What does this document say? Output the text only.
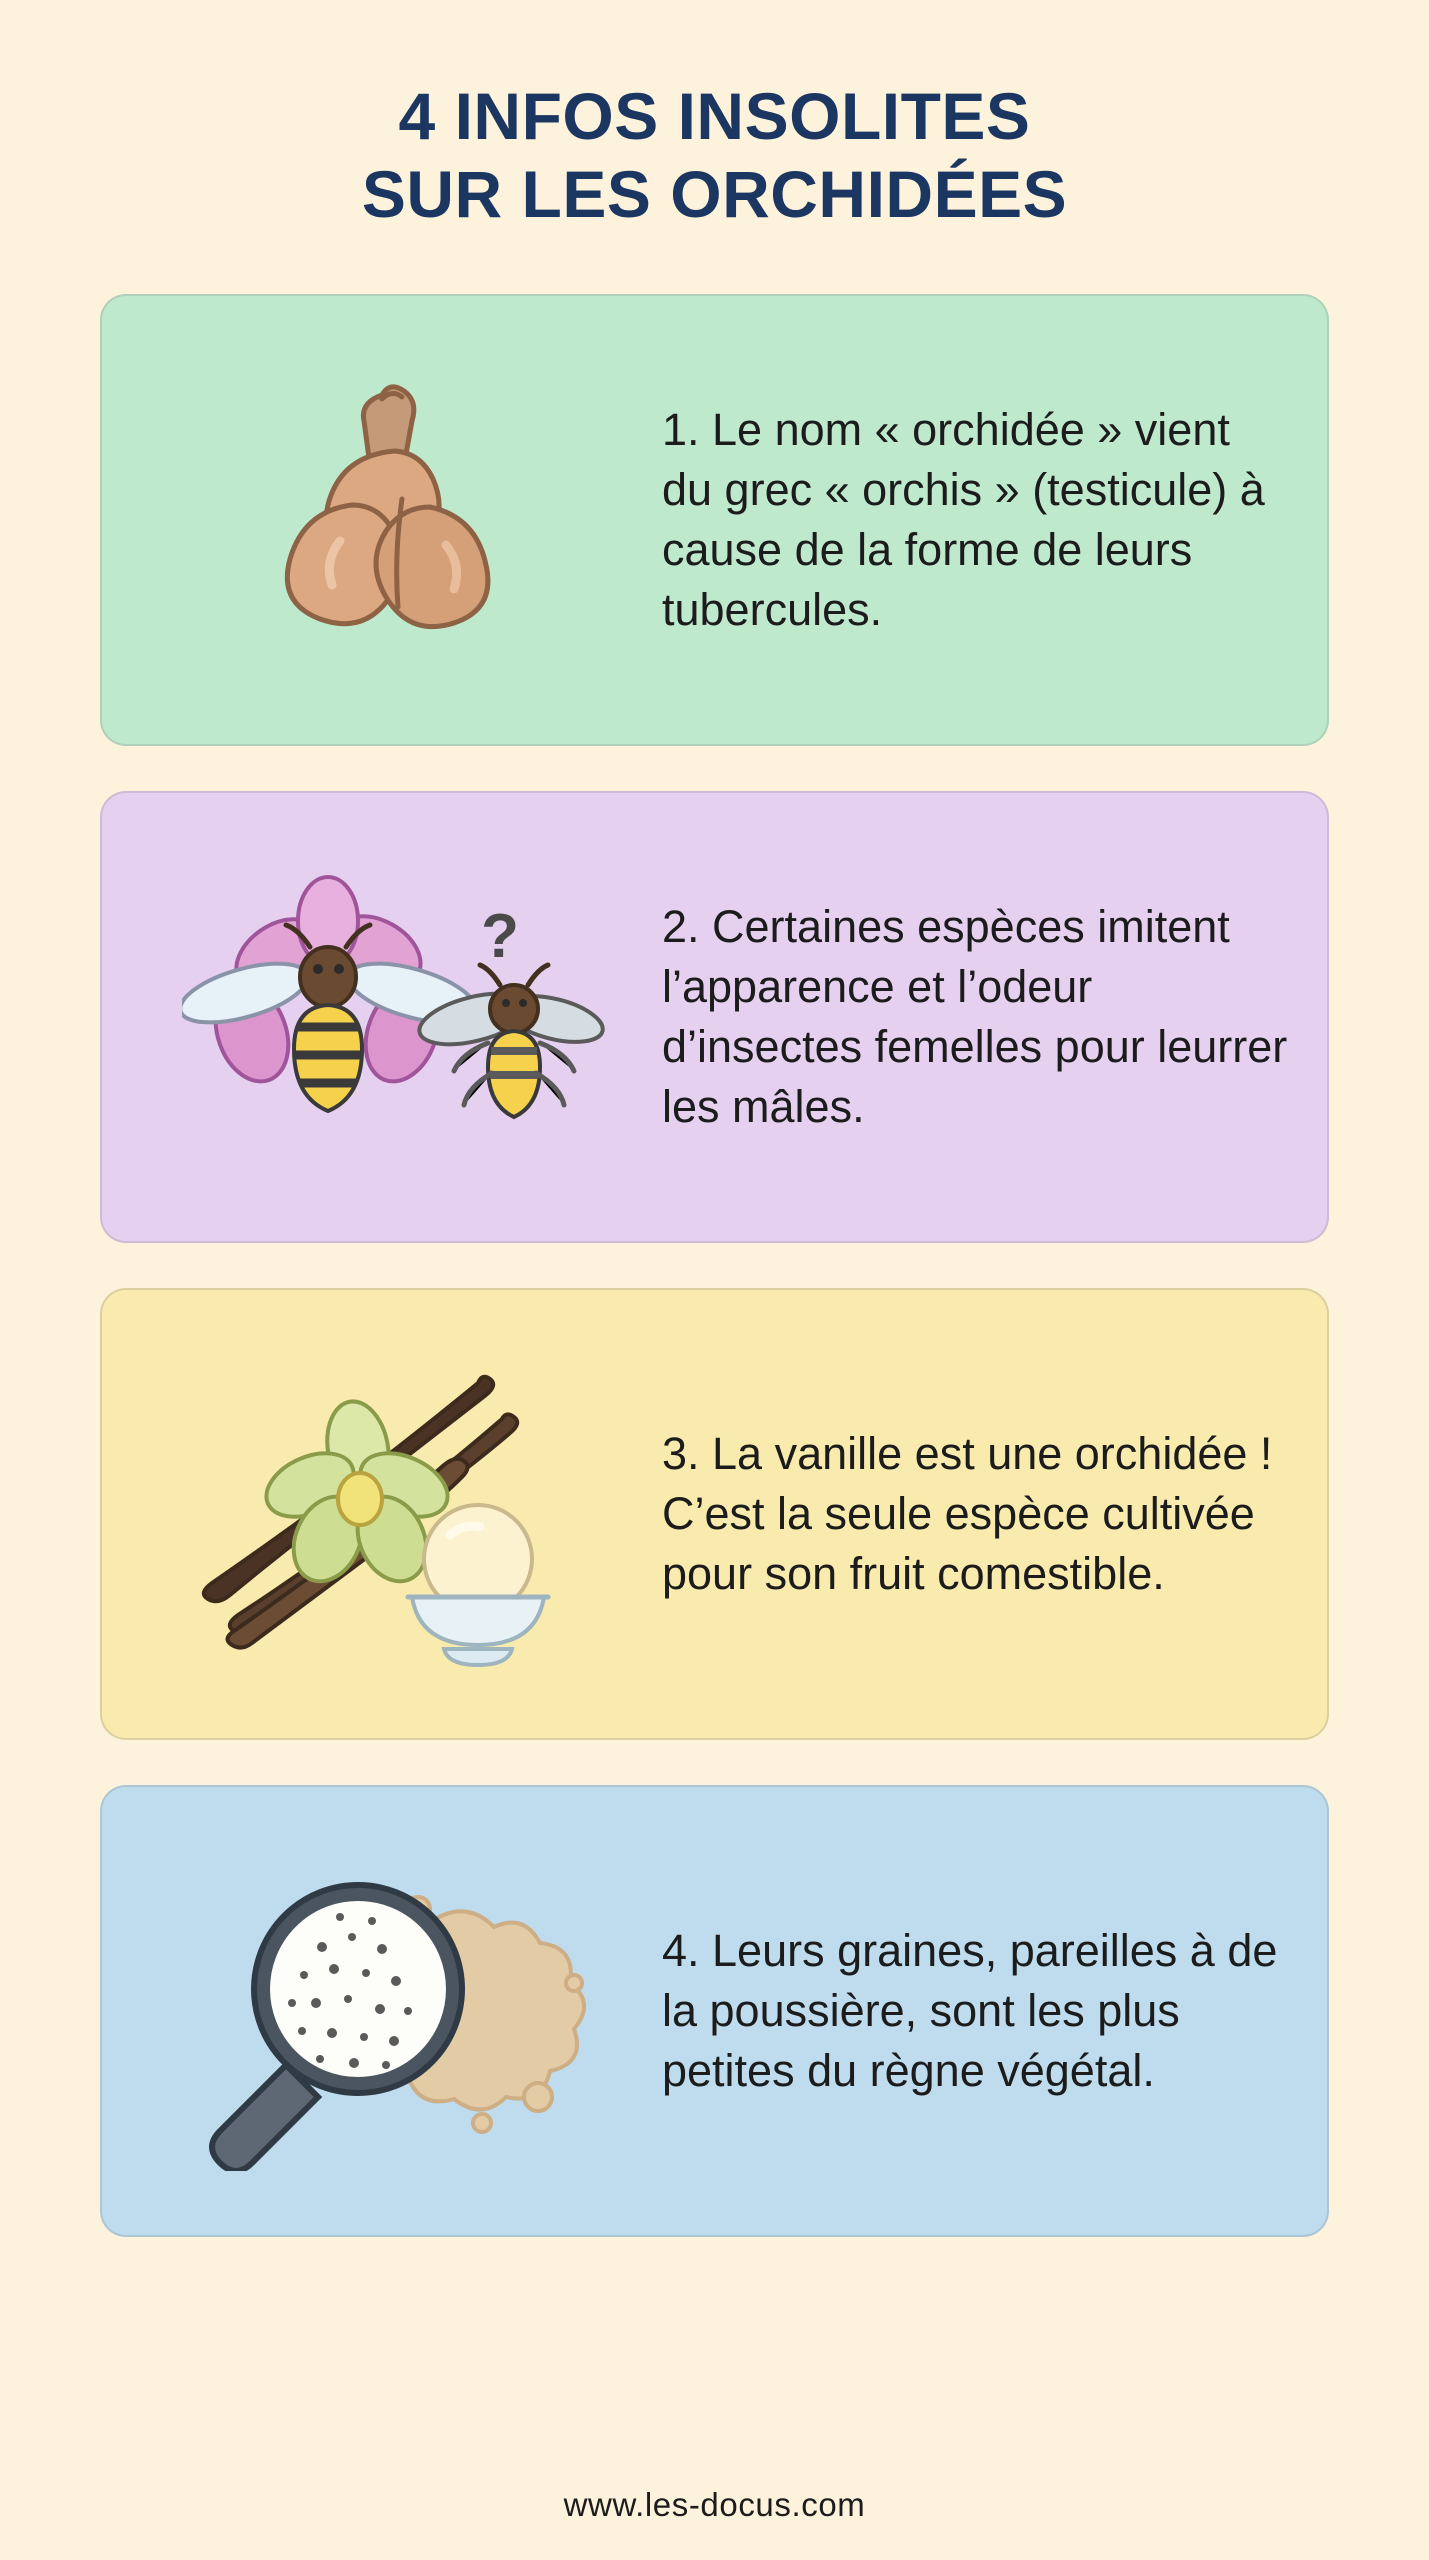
4 INFOS INSOLITES
SUR LES ORCHIDÉES
1. Le nom « orchidée » vient du grec « orchis » (testicule) à cause de la forme de leurs tubercules.
?	2. Certaines espèces imitent l’apparence et l’odeur d’insectes femelles pour leurrer les mâles.
3. La vanille est une orchidée ! C’est la seule espèce cultivée pour son fruit comestible.
4. Leurs graines, pareilles à de la poussière, sont les plus petites du règne végétal.
www.les-docus.com
